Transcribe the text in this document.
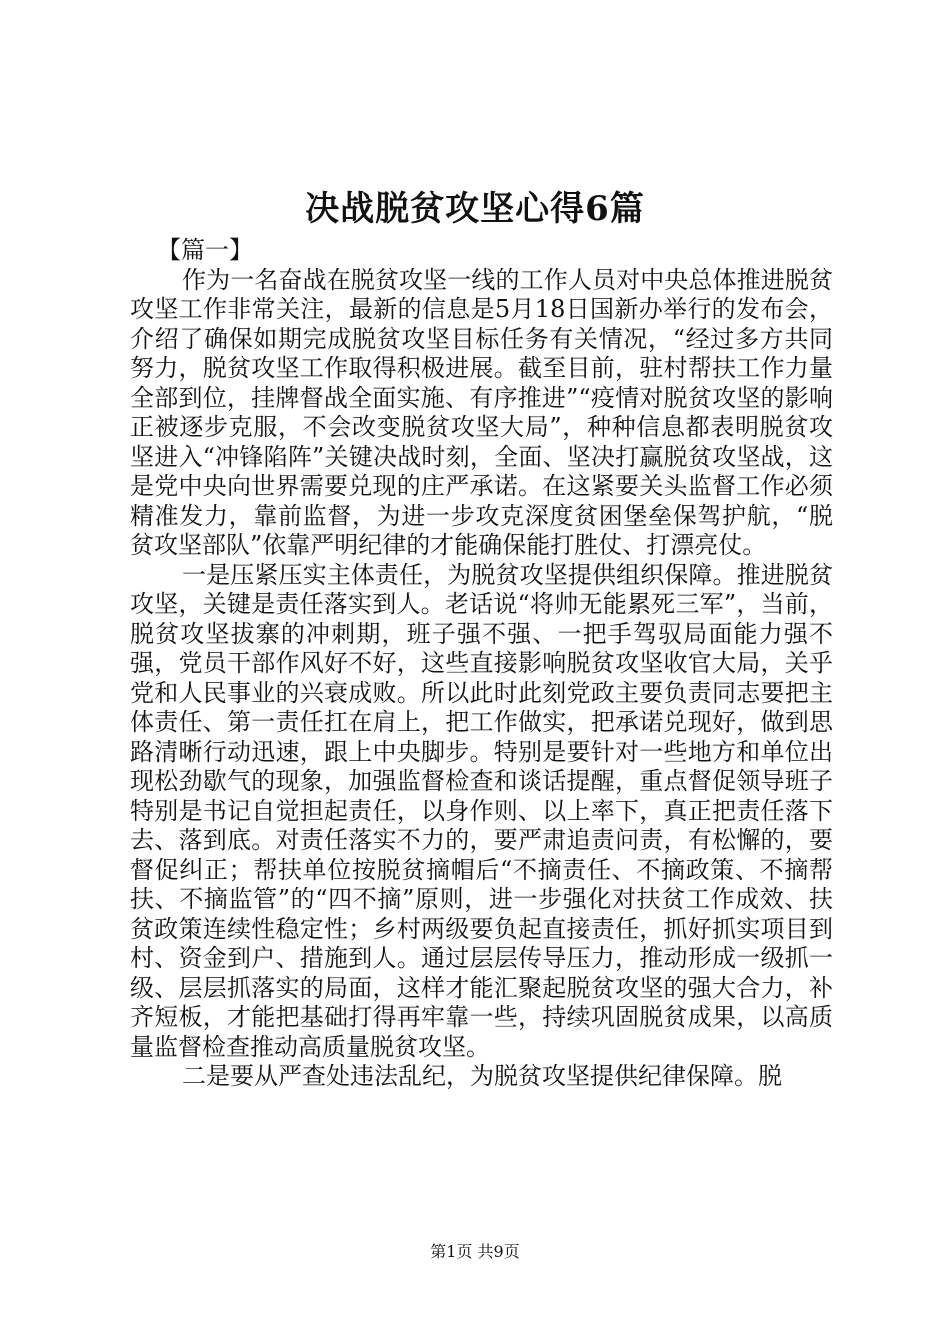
决战脱贫攻坚心得6篇

【篇一】

作为一名奋战在脱贫攻坚一线的工作人员对中央总体推进脱贫攻坚工作非常关注，最新的信息是5月18日国新办举行的发布会，介绍了确保如期完成脱贫攻坚目标任务有关情况，“经过多方共同努力，脱贫攻坚工作取得积极进展。截至目前，驻村帮扶工作力量全部到位，挂牌督战全面实施、有序推进”“疫情对脱贫攻坚的影响正被逐步克服，不会改变脱贫攻坚大局”，种种信息都表明脱贫攻坚进入“冲锋陷阵”关键决战时刻，全面、坚决打赢脱贫攻坚战，这是党中央向世界需要兑现的庄严承诺。在这紧要关头监督工作必须精准发力，靠前监督，为进一步攻克深度贫困堡垒保驾护航，“脱贫攻坚部队”依靠严明纪律的才能确保能打胜仗、打漂亮仗。

一是压紧压实主体责任，为脱贫攻坚提供组织保障。推进脱贫攻坚，关键是责任落实到人。老话说“将帅无能累死三军”，当前，脱贫攻坚拔寨的冲刺期，班子强不强、一把手驾驭局面能力强不强，党员干部作风好不好，这些直接影响脱贫攻坚收官大局，关乎党和人民事业的兴衰成败。所以此时此刻党政主要负责同志要把主体责任、第一责任扛在肩上，把工作做实，把承诺兑现好，做到思路清晰行动迅速，跟上中央脚步。特别是要针对一些地方和单位出现松劲歇气的现象，加强监督检查和谈话提醒，重点督促领导班子特别是书记自觉担起责任，以身作则、以上率下，真正把责任落下去、落到底。对责任落实不力的，要严肃追责问责，有松懈的，要督促纠正；帮扶单位按脱贫摘帽后“不摘责任、不摘政策、不摘帮扶、不摘监管”的“四不摘”原则，进一步强化对扶贫工作成效、扶贫政策连续性稳定性；乡村两级要负起直接责任，抓好抓实项目到村、资金到户、措施到人。通过层层传导压力，推动形成一级抓一级、层层抓落实的局面，这样才能汇聚起脱贫攻坚的强大合力，补齐短板，才能把基础打得再牢靠一些，持续巩固脱贫成果，以高质量监督检查推动高质量脱贫攻坚。

二是要从严查处违法乱纪，为脱贫攻坚提供纪律保障。脱

第1页 共9页
